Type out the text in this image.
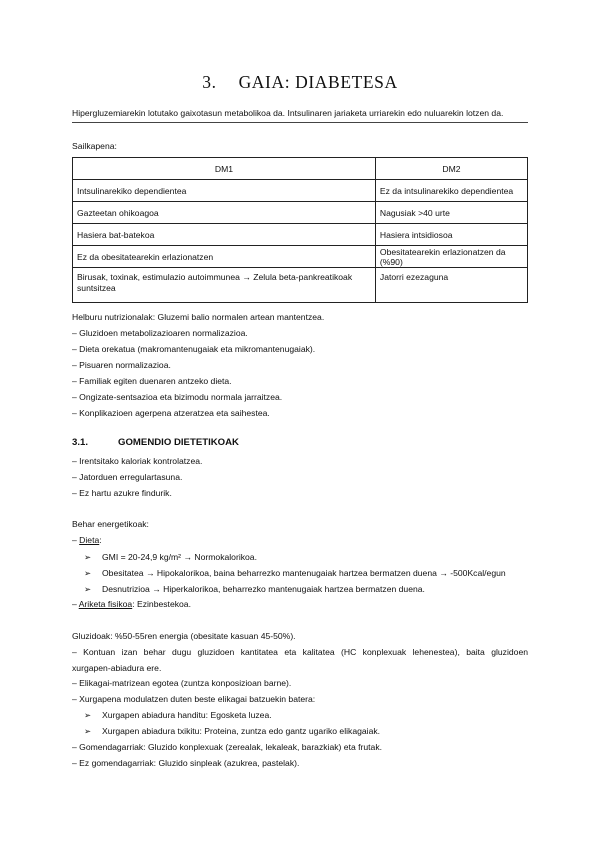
3. GAIA: DIABETESA
Hipergluzemiarekin lotutako gaixotasun metabolikoa da. Intsulinaren jariaketa urriarekin edo nuluarekin lotzen da.
Sailkapena:
DM1	DM2
Intsulinarekiko dependientea	Ez da intsulinarekiko dependientea
Gazteetan ohikoagoa	Nagusiak >40 urte
Hasiera bat-batekoa	Hasiera intsidiosoa
Ez da obesitatearekin erlazionatzen	Obesitatearekin erlazionatzen da (%90)
Birusak, toxinak, estimulazio autoimmunea → Zelula beta-pankreatikoak suntsitzea	Jatorri ezezaguna
Helburu nutrizionalak: Gluzemi balio normalen artean mantentzea.
– Gluzidoen metabolizazioaren normalizazioa.
– Dieta orekatua (makromantenugaiak eta mikromantenugaiak).
– Pisuaren normalizazioa.
– Familiak egiten duenaren antzeko dieta.
– Ongizate-sentsazioa eta bizimodu normala jarraitzea.
– Konplikazioen agerpena atzeratzea eta saihestea.
3.1.	GOMENDIO DIETETIKOAK
– Irentsitako kaloriak kontrolatzea.
– Jatorduen erregulartasuna.
– Ez hartu azukre findurik.
Behar energetikoak:
– Dieta:
➢ GMI = 20-24,9 kg/m² → Normokalorikoa.
➢ Obesitatea → Hipokalorikoa, baina beharrezko mantenugaiak hartzea bermatzen duena → -500Kcal/egun
➢ Desnutrizioa → Hiperkalorikoa, beharrezko mantenugaiak hartzea bermatzen duena.
– Ariketa fisikoa: Ezinbestekoa.
Gluzidoak: %50-55ren energia (obesitate kasuan 45-50%).
– Kontuan izan behar dugu gluzidoen kantitatea eta kalitatea (HC konplexuak lehenestea), baita gluzidoen
xurgapen-abiadura ere.
– Elikagai-matrizean egotea (zuntza konposizioan barne).
– Xurgapena modulatzen duten beste elikagai batzuekin batera:
➢ Xurgapen abiadura handitu: Egosketa luzea.
➢ Xurgapen abiadura txikitu: Proteina, zuntza edo gantz ugariko elikagaiak.
– Gomendagarriak: Gluzido konplexuak (zerealak, lekaleak, barazkiak) eta frutak.
– Ez gomendagarriak: Gluzido sinpleak (azukrea, pastelak).
